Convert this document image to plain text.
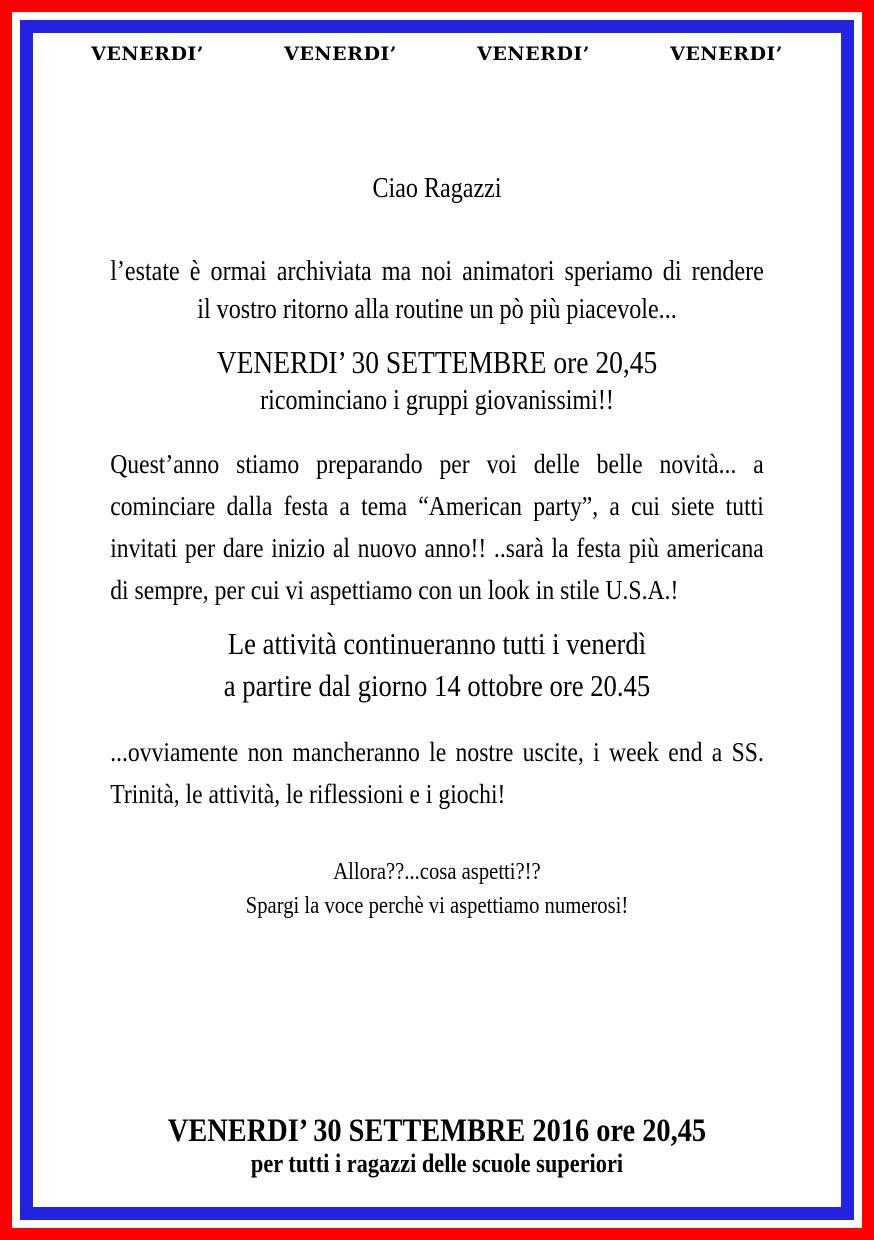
VENERDI’	VENERDI’	VENERDI’	VENERDI’
Ciao Ragazzi
l’estate è ormai archiviata ma noi animatori speriamo di rendere
il vostro ritorno alla routine un pò più piacevole...
VENERDI’ 30 SETTEMBRE ore 20,45
ricominciano i gruppi giovanissimi!!
Quest’anno stiamo preparando per voi delle belle novità... a cominciare dalla festa a tema “American party”, a cui siete tutti invitati per dare inizio al nuovo anno!! ..sarà la festa più americana di sempre, per cui vi aspettiamo con un look in stile U.S.A.!
Le attività continueranno tutti i venerdì
a partire dal giorno 14 ottobre ore 20.45
...ovviamente non mancheranno le nostre uscite, i week end a SS. Trinità, le attività, le riflessioni e i giochi!
Allora??...cosa aspetti?!?
Spargi la voce perchè vi aspettiamo numerosi!
VENERDI’ 30 SETTEMBRE 2016 ore 20,45
per tutti i ragazzi delle scuole superiori
